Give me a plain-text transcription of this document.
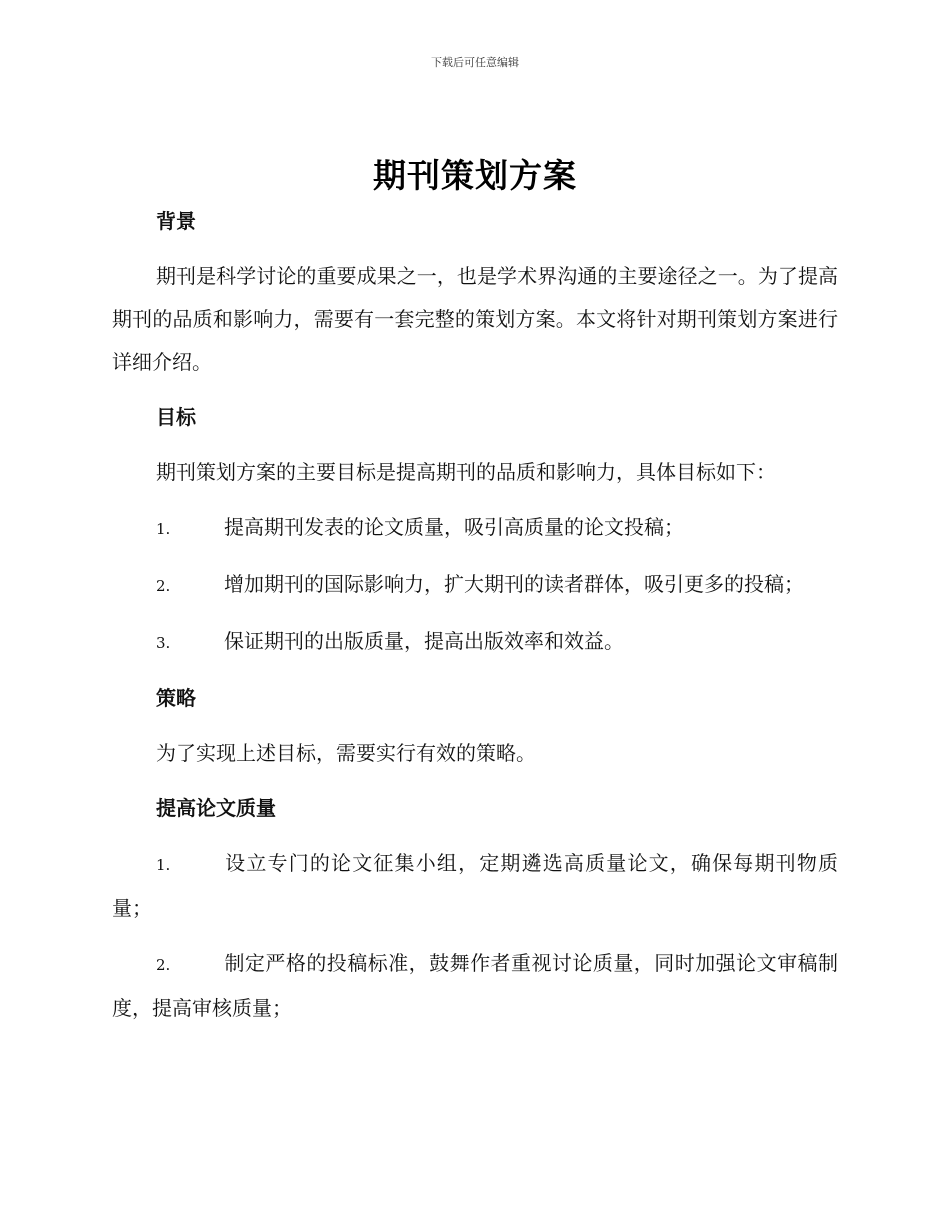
下载后可任意编辑
期刊策划方案
背景

期刊是科学讨论的重要成果之一，也是学术界沟通的主要途径之一。为了提高期刊的品质和影响力，需要有一套完整的策划方案。本文将针对期刊策划方案进行详细介绍。

目标

期刊策划方案的主要目标是提高期刊的品质和影响力，具体目标如下：

1.	提高期刊发表的论文质量，吸引高质量的论文投稿；

2.	增加期刊的国际影响力，扩大期刊的读者群体，吸引更多的投稿；

3.	保证期刊的出版质量，提高出版效率和效益。

策略

为了实现上述目标，需要实行有效的策略。

提高论文质量

1.	设立专门的论文征集小组，定期遴选高质量论文，确保每期刊物质量；

2.	制定严格的投稿标准，鼓舞作者重视讨论质量，同时加强论文审稿制度，提高审核质量；
